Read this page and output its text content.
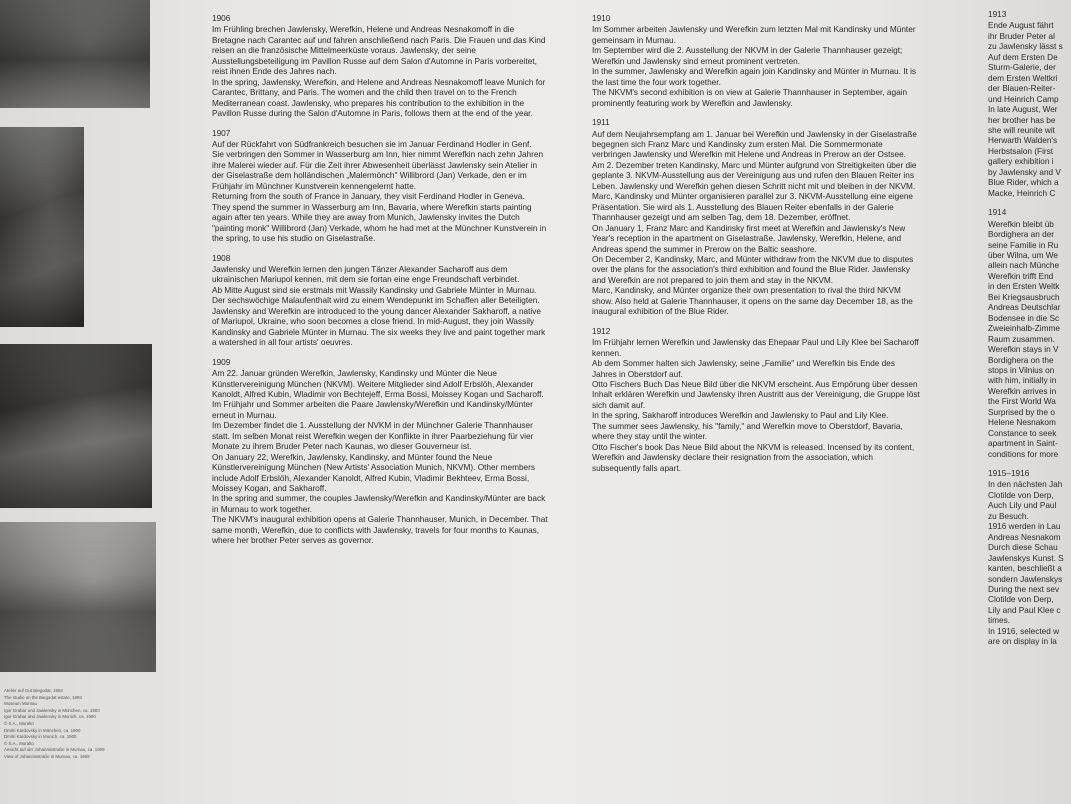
Atelier auf Gut Biegodat, 1893
The studio on the Biegodat estate, 1893
Museum Murnau
Igor Grabar und Jawlensky in München, ca. 1900
Igor Grabar and Jawlensky in Munich, ca. 1900
© S.A., Muralto
Dmitri Kardovsky in München, ca. 1900
Dmitri Kardovsky in Munich, ca. 1900
© S.A., Muralto
Ansicht auf der Johannisstraße in Murnau, ca. 1909
View of Johannisstraße in Murnau, ca. 1909
1906

Im Frühling brechen Jawlensky, Werefkin, Helene und Andreas Nesnakomoff in die Bretagne nach Carantec auf und fahren anschließend nach Paris. Die Frauen und das Kind reisen an die französische Mittelmeerküste voraus. Jawlensky, der seine Ausstellungsbeteiligung im Pavillon Russe auf dem Salon d'Automne in Paris vorbereitet, reist ihnen Ende des Jahres nach.

In the spring, Jawlensky, Werefkin, and Helene and Andreas Nesnakomoff leave Munich for Carantec, Brittany, and Paris. The women and the child then travel on to the French Mediterranean coast. Jawlensky, who prepares his contribution to the exhibition in the Pavillon Russe during the Salon d'Automne in Paris, follows them at the end of the year.

1907

Auf der Rückfahrt von Südfrankreich besuchen sie im Januar Ferdinand Hodler in Genf.

Sie verbringen den Sommer in Wasserburg am Inn, hier nimmt Werefkin nach zehn Jahren ihre Malerei wieder auf. Für die Zeit ihrer Abwesenheit überlässt Jawlensky sein Atelier in der Giselastraße dem holländischen „Malermönch" Willibrord (Jan) Verkade, den er im Frühjahr im Münchner Kunstverein kennengelernt hatte.

Returning from the south of France in January, they visit Ferdinand Hodler in Geneva.

They spend the summer in Wasserburg am Inn, Bavaria, where Werefkin starts painting again after ten years. While they are away from Munich, Jawlensky invites the Dutch "painting monk" Willibrord (Jan) Verkade, whom he had met at the Münchner Kunstverein in the spring, to use his studio on Giselastraße.

1908

Jawlensky und Werefkin lernen den jungen Tänzer Alexander Sacharoff aus dem ukrainischen Mariupol kennen, mit dem sie fortan eine enge Freundschaft verbindet.

Ab Mitte August sind sie erstmals mit Wassily Kandinsky und Gabriele Münter in Murnau. Der sechswöchige Malaufenthalt wird zu einem Wendepunkt im Schaffen aller Beteiligten.

Jawlensky and Werefkin are introduced to the young dancer Alexander Sakharoff, a native of Mariupol, Ukraine, who soon becomes a close friend. In mid-August, they join Wassily Kandinsky and Gabriele Münter in Murnau. The six weeks they live and paint together mark a watershed in all four artists' oeuvres.

1909

Am 22. Januar gründen Werefkin, Jawlensky, Kandinsky und Münter die Neue Künstlervereinigung München (NKVM). Weitere Mitglieder sind Adolf Erbslöh, Alexander Kanoldt, Alfred Kubin, Wladimir von Bechtejeff, Erma Bossi, Moissey Kogan und Sacharoff.

Im Frühjahr und Sommer arbeiten die Paare Jawlensky/Werefkin und Kandinsky/Münter erneut in Murnau.

Im Dezember findet die 1. Ausstellung der NVKM in der Münchner Galerie Thannhauser statt. Im selben Monat reist Werefkin wegen der Konflikte in ihrer Paarbeziehung für vier Monate zu ihrem Bruder Peter nach Kaunas, wo dieser Gouverneur ist.

On January 22, Werefkin, Jawlensky, Kandinsky, and Münter found the Neue Künstlervereinigung München (New Artists' Association Munich, NKVM). Other members include Adolf Erbslöh, Alexander Kanoldt, Alfred Kubin, Vladimir Bekhteev, Erma Bossi, Moissey Kogan, and Sakharoff.

In the spring and summer, the couples Jawlensky/Werefkin and Kandinsky/Münter are back in Murnau to work together.

The NKVM's inaugural exhibition opens at Galerie Thannhauser, Munich, in December. That same month, Werefkin, due to conflicts with Jawlensky, travels for four months to Kaunas, where her brother Peter serves as governor.

1910

Im Sommer arbeiten Jawlensky und Werefkin zum letzten Mal mit Kandinsky und Münter gemeinsam in Murnau.

Im September wird die 2. Ausstellung der NKVM in der Galerie Thannhauser gezeigt; Werefkin und Jawlensky sind erneut prominent vertreten.

In the summer, Jawlensky and Werefkin again join Kandinsky and Münter in Murnau. It is the last time the four work together.

The NKVM's second exhibition is on view at Galerie Thannhauser in September, again prominently featuring work by Werefkin and Jawlensky.

1911

Auf dem Neujahrsempfang am 1. Januar bei Werefkin und Jawlensky in der Giselastraße begegnen sich Franz Marc und Kandinsky zum ersten Mal. Die Sommermonate verbringen Jawlensky und Werefkin mit Helene und Andreas in Prerow an der Ostsee.

Am 2. Dezember treten Kandinsky, Marc und Münter aufgrund von Streitigkeiten über die geplante 3. NKVM-Ausstellung aus der Vereinigung aus und rufen den Blauen Reiter ins Leben. Jawlensky und Werefkin gehen diesen Schritt nicht mit und bleiben in der NKVM.

Marc, Kandinsky und Münter organisieren parallel zur 3. NKVM-Ausstellung eine eigene Präsentation. Sie wird als 1. Ausstellung des Blauen Reiter ebenfalls in der Galerie Thannhauser gezeigt und am selben Tag, dem 18. Dezember, eröffnet.

On January 1, Franz Marc and Kandinsky first meet at Werefkin and Jawlensky's New Year's reception in the apartment on Giselastraße. Jawlensky, Werefkin, Helene, and Andreas spend the summer in Prerow on the Baltic seashore.

On December 2, Kandinsky, Marc, and Münter withdraw from the NKVM due to disputes over the plans for the association's third exhibition and found the Blue Rider. Jawlensky and Werefkin are not prepared to join them and stay in the NKVM.

Marc, Kandinsky, and Münter organize their own presentation to rival the third NKVM show. Also held at Galerie Thannhauser, it opens on the same day December 18, as the inaugural exhibition of the Blue Rider.

1912

Im Frühjahr lernen Werefkin und Jawlensky das Ehepaar Paul und Lily Klee bei Sacharoff kennen.

Ab dem Sommer halten sich Jawlensky, seine „Familie" und Werefkin bis Ende des Jahres in Oberstdorf auf.

Otto Fischers Buch Das Neue Bild über die NKVM erscheint. Aus Empörung über dessen Inhalt erklären Werefkin und Jawlensky ihren Austritt aus der Vereinigung, die Gruppe löst sich damit auf.

In the spring, Sakharoff introduces Werefkin and Jawlensky to Paul and Lily Klee.

The summer sees Jawlensky, his "family," and Werefkin move to Oberstdorf, Bavaria, where they stay until the winter.

Otto Fischer's book Das Neue Bild about the NKVM is released. Incensed by its content, Werefkin and Jawlensky declare their resignation from the association, which subsequently falls apart.

1913
Ende August fährt
ihr Bruder Peter al
zu Jawlensky lässt s
Auf dem Ersten De
Sturm-Galerie, der
dem Ersten Weltkri
der Blauen-Reiter-
und Heinrich Camp
In late August, Wer
her brother has be
she will reunite wit
Herwarth Walden's
Herbstsalon (First
gallery exhibition i
by Jawlensky and V
Blue Rider, which a
Macke, Heinrich C
1914
Werefkin bleibt üb
Bordighera an der
seine Familie in Ru
über Wilna, um We
allein nach Münche
Werefkin trifft End
in den Ersten Weltk
Bei Kriegsausbruch
Andreas Deutschlar
Bodensee in die Sc
Zweieinhalb-Zimme
Raum zusammen.
Werefkin stays in V
Bordighera on the
stops in Vilnius on
with him, initially in
Werefkin arrives in
the First World Wa
Surprised by the o
Helene Nesnakom
Constance to seek
apartment in Saint-
conditions for more
1915–1916
In den nächsten Jah
Clotilde von Derp,
Auch Lily und Paul
zu Besuch.
1916 werden in Lau
Andreas Nesnakom
Durch diese Schau
Jawlenskys Kunst. S
kanten, beschließt a
sondern Jawlenskys
During the next sev
Clotilde von Derp,
Lily and Paul Klee c
times.
In 1916, selected w
are on display in la
